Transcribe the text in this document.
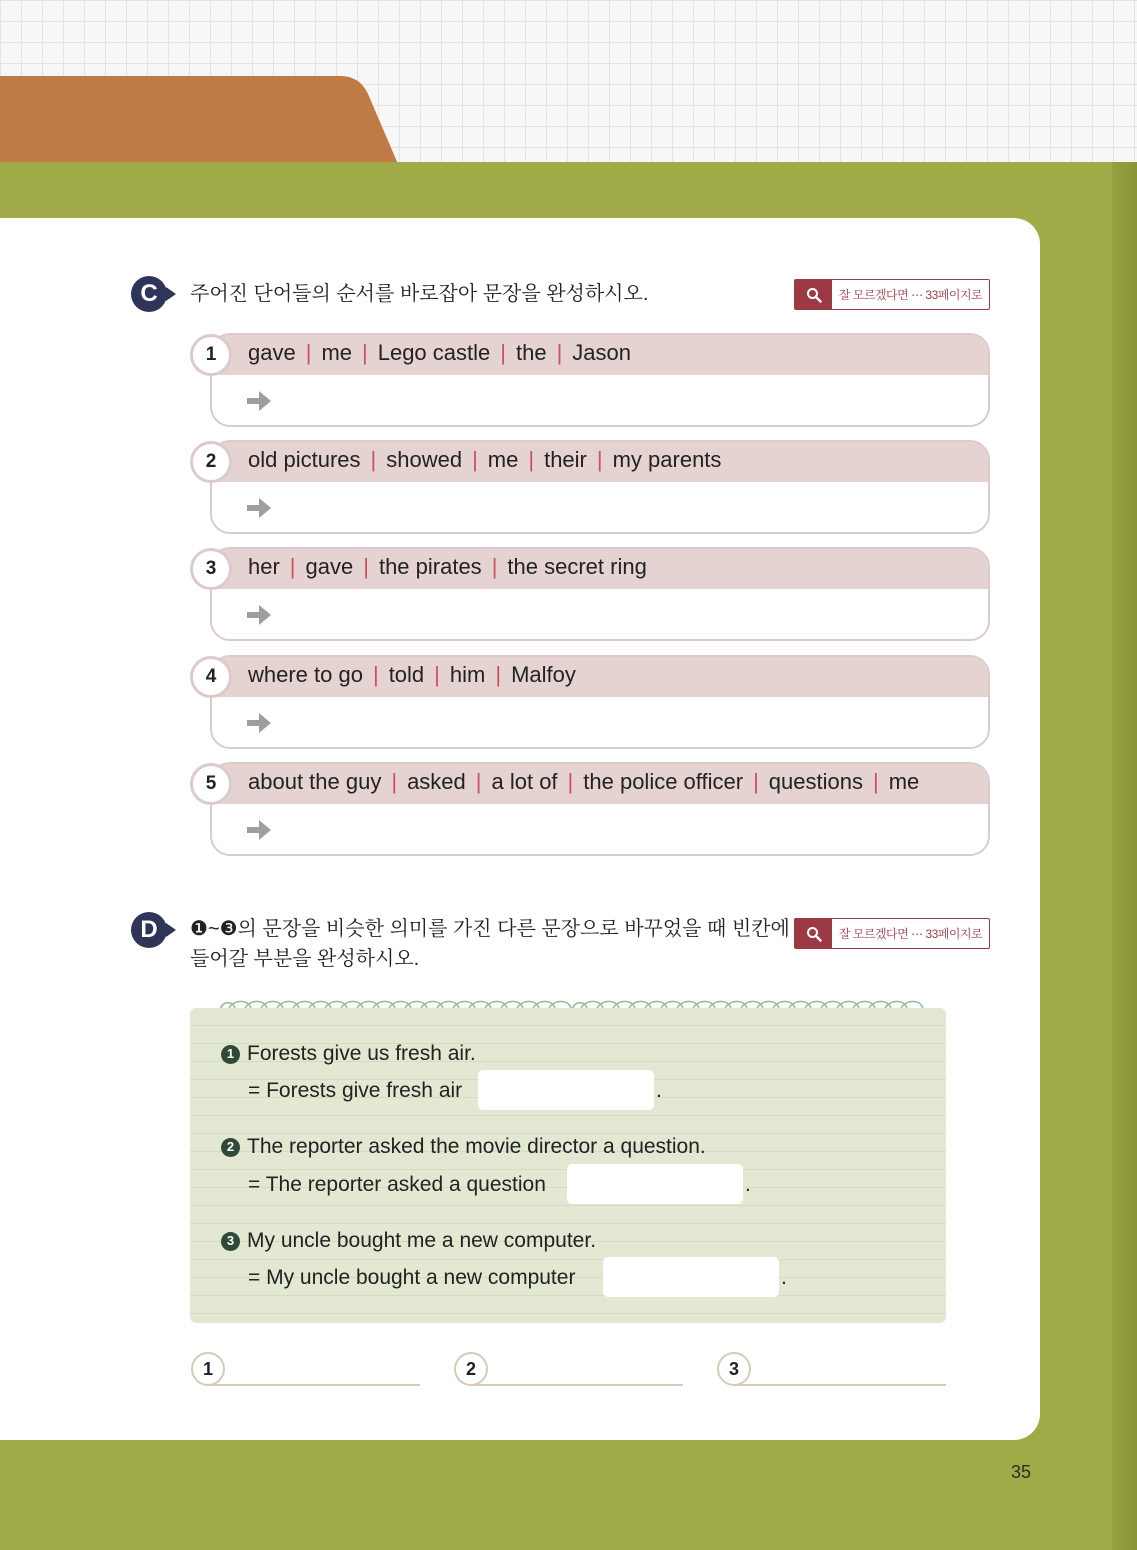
C 주어진 단어들의 순서를 바로잡아 문장을 완성하시오.	잘 모르겠다면 ⋯ 33페이지로
1	gave | me | Lego castle | the | Jason
2	old pictures | showed | me | their | my parents
3	her | gave | the pirates | the secret ring
4	where to go | told | him | Malfoy
5	about the guy | asked | a lot of | the police officer | questions | me
D ❶~❸의 문장을 비슷한 의미를 가진 다른 문장으로 바꾸었을 때 빈칸에
들어갈 부분을 완성하시오.
잘 모르겠다면 ⋯ 33페이지로
1 Forests give us fresh air.
= Forests give fresh air	.
2 The reporter asked the movie director a question.
= The reporter asked a question	.
3 My uncle bought me a new computer.
= My uncle bought a new computer	.
1	2	3
35
